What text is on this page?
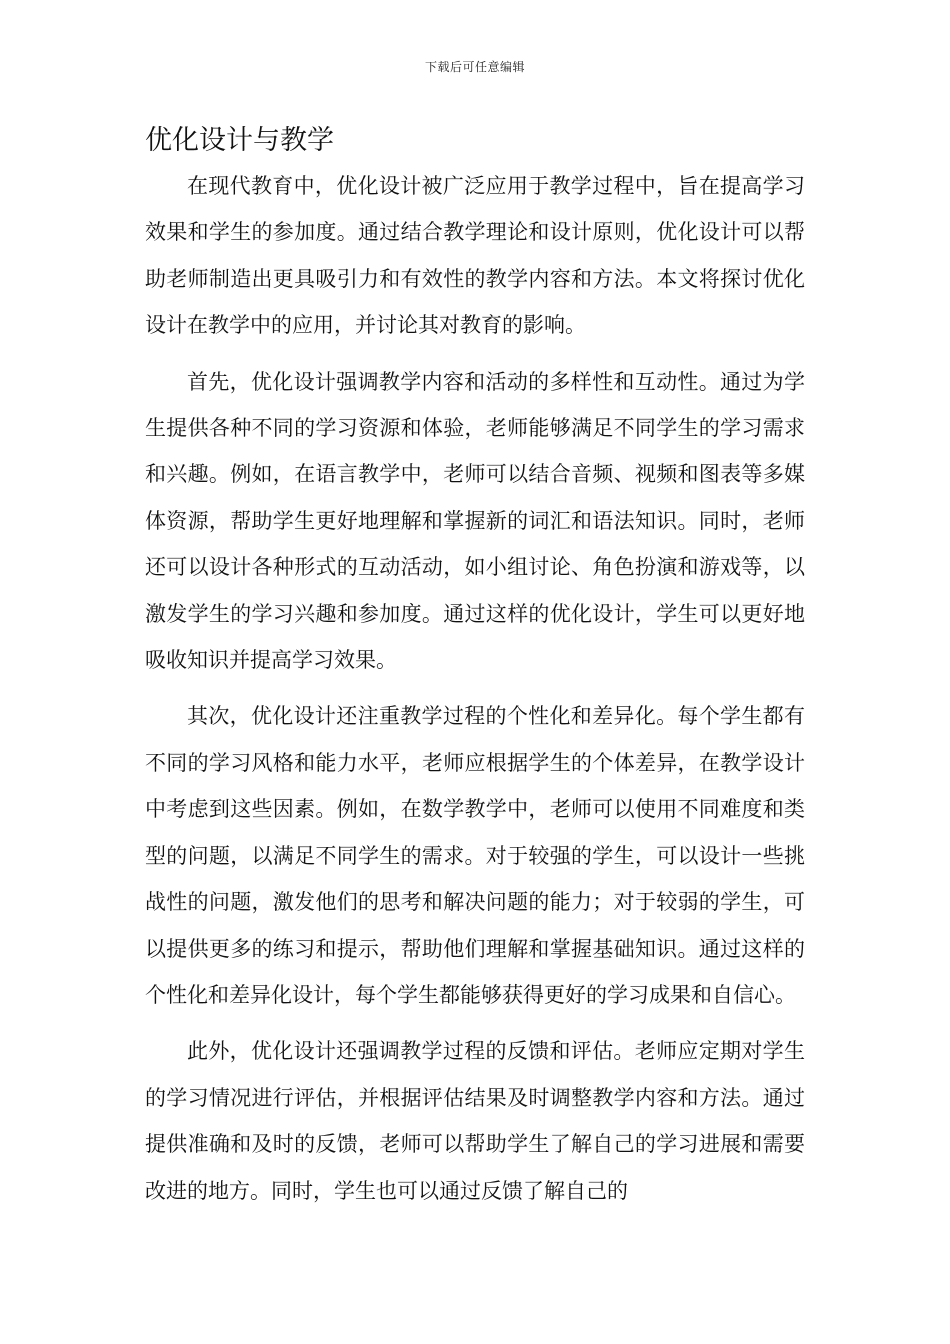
下载后可任意编辑
优化设计与教学

在现代教育中，优化设计被广泛应用于教学过程中，旨在提高学习效果和学生的参加度。通过结合教学理论和设计原则，优化设计可以帮助老师制造出更具吸引力和有效性的教学内容和方法。本文将探讨优化设计在教学中的应用，并讨论其对教育的影响。

首先，优化设计强调教学内容和活动的多样性和互动性。通过为学生提供各种不同的学习资源和体验，老师能够满足不同学生的学习需求和兴趣。例如，在语言教学中，老师可以结合音频、视频和图表等多媒体资源，帮助学生更好地理解和掌握新的词汇和语法知识。同时，老师还可以设计各种形式的互动活动，如小组讨论、角色扮演和游戏等，以激发学生的学习兴趣和参加度。通过这样的优化设计，学生可以更好地吸收知识并提高学习效果。

其次，优化设计还注重教学过程的个性化和差异化。每个学生都有不同的学习风格和能力水平，老师应根据学生的个体差异，在教学设计中考虑到这些因素。例如，在数学教学中，老师可以使用不同难度和类型的问题，以满足不同学生的需求。对于较强的学生，可以设计一些挑战性的问题，激发他们的思考和解决问题的能力；对于较弱的学生，可以提供更多的练习和提示，帮助他们理解和掌握基础知识。通过这样的个性化和差异化设计，每个学生都能够获得更好的学习成果和自信心。

此外，优化设计还强调教学过程的反馈和评估。老师应定期对学生的学习情况进行评估，并根据评估结果及时调整教学内容和方法。通过提供准确和及时的反馈，老师可以帮助学生了解自己的学习进展和需要改进的地方。同时，学生也可以通过反馈了解自己的
